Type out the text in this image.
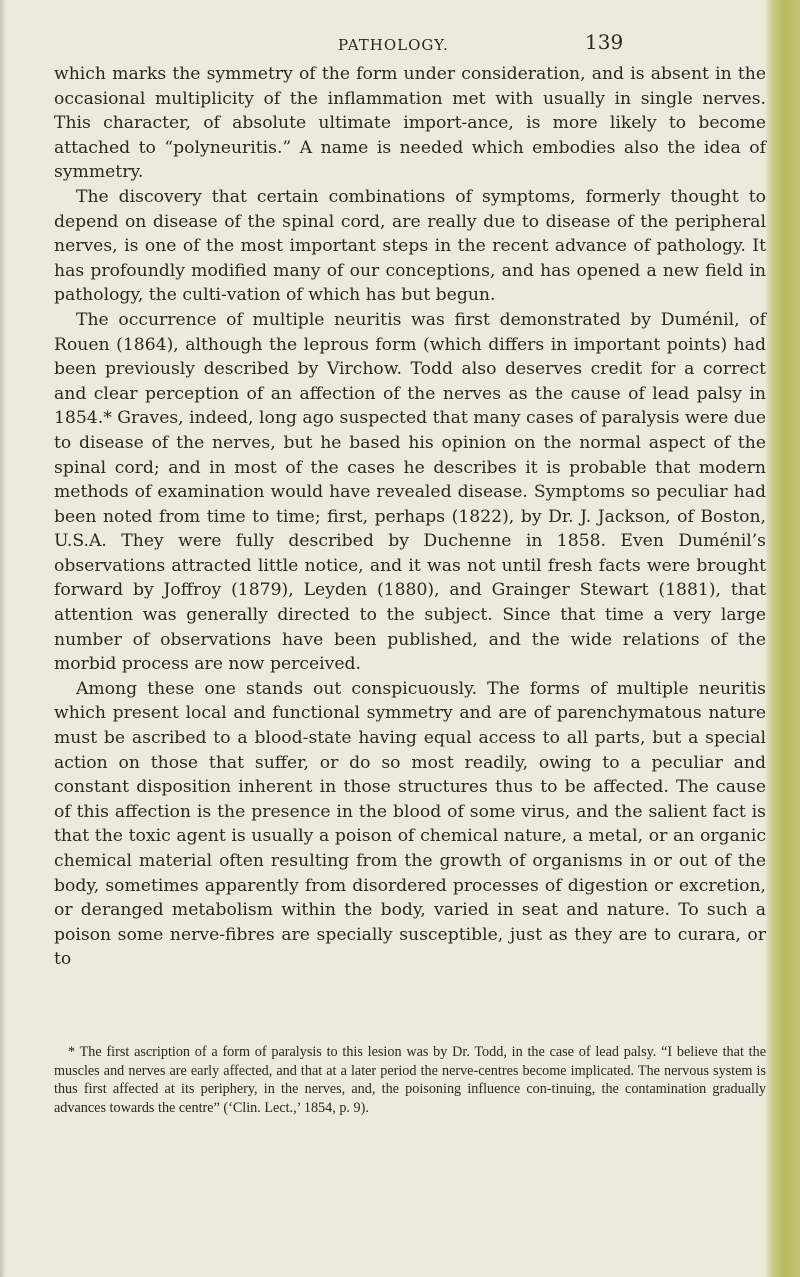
PATHOLOGY.	139

which marks the symmetry of the form under consideration, and is absent in the occasional multiplicity of the inflammation met with usually in single nerves. This character, of absolute ultimate import-ance, is more likely to become attached to “polyneuritis.” A name is needed which embodies also the idea of symmetry.

The discovery that certain combinations of symptoms, formerly thought to depend on disease of the spinal cord, are really due to disease of the peripheral nerves, is one of the most important steps in the recent advance of pathology. It has profoundly modified many of our conceptions, and has opened a new field in pathology, the culti-vation of which has but begun.

The occurrence of multiple neuritis was first demonstrated by Duménil, of Rouen (1864), although the leprous form (which differs in important points) had been previously described by Virchow. Todd also deserves credit for a correct and clear perception of an affection of the nerves as the cause of lead palsy in 1854.* Graves, indeed, long ago suspected that many cases of paralysis were due to disease of the nerves, but he based his opinion on the normal aspect of the spinal cord; and in most of the cases he describes it is probable that modern methods of examination would have revealed disease. Symptoms so peculiar had been noted from time to time; first, perhaps (1822), by Dr. J. Jackson, of Boston, U.S.A. They were fully described by Duchenne in 1858. Even Duménil’s observations attracted little notice, and it was not until fresh facts were brought forward by Joffroy (1879), Leyden (1880), and Grainger Stewart (1881), that attention was generally directed to the subject. Since that time a very large number of observations have been published, and the wide relations of the morbid process are now perceived.

Among these one stands out conspicuously. The forms of multiple neuritis which present local and functional symmetry and are of parenchymatous nature must be ascribed to a blood-state having equal access to all parts, but a special action on those that suffer, or do so most readily, owing to a peculiar and constant disposition inherent in those structures thus to be affected. The cause of this affection is the presence in the blood of some virus, and the salient fact is that the toxic agent is usually a poison of chemical nature, a metal, or an organic chemical material often resulting from the growth of organisms in or out of the body, sometimes apparently from disordered processes of digestion or excretion, or deranged metabolism within the body, varied in seat and nature. To such a poison some nerve-fibres are specially susceptible, just as they are to curara, or to

* The first ascription of a form of paralysis to this lesion was by Dr. Todd, in the case of lead palsy. “I believe that the muscles and nerves are early affected, and that at a later period the nerve-centres become implicated. The nervous system is thus first affected at its periphery, in the nerves, and, the poisoning influence con-tinuing, the contamination gradually advances towards the centre” (‘Clin. Lect.,’ 1854, p. 9).
